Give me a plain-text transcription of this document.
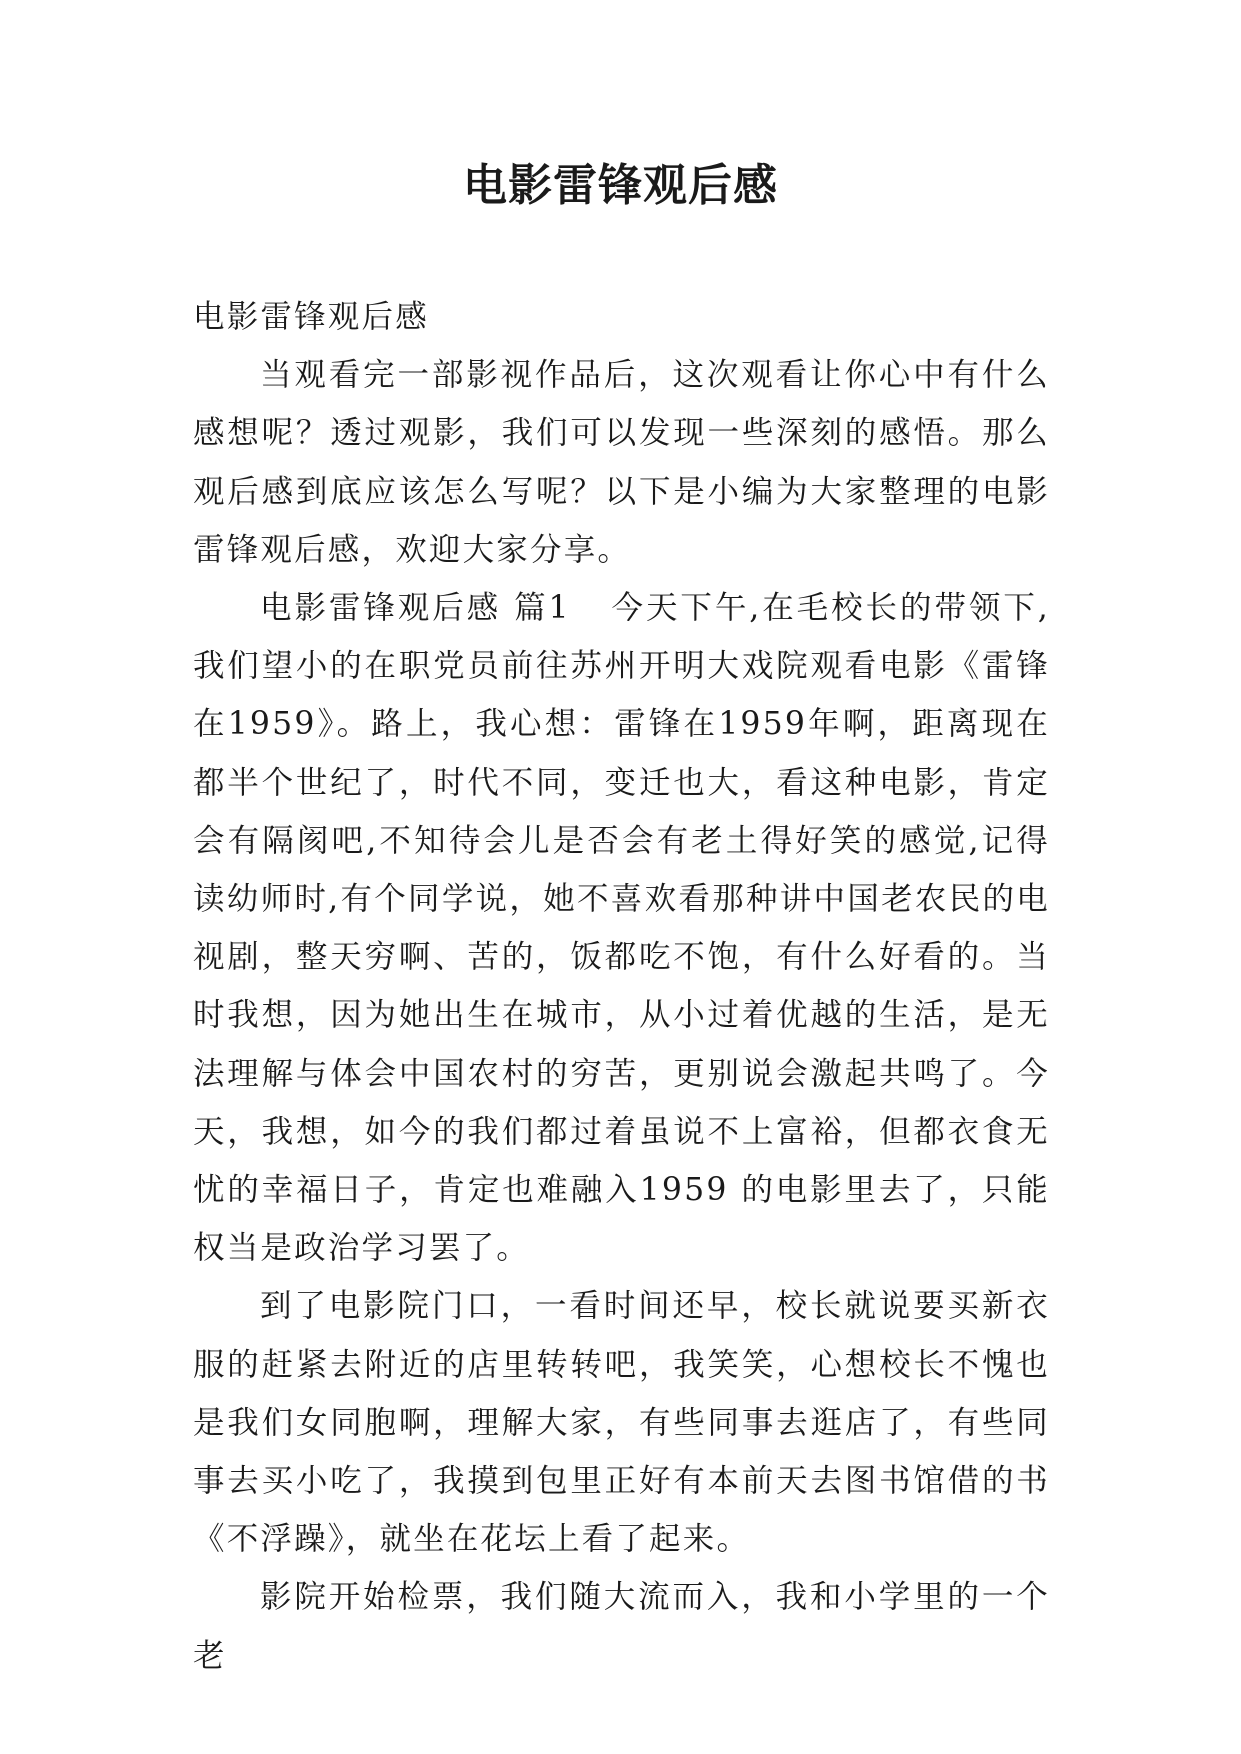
电影雷锋观后感

电影雷锋观后感

当观看完一部影视作品后，这次观看让你心中有什么感想呢？透过观影，我们可以发现一些深刻的感悟。那么观后感到底应该怎么写呢？以下是小编为大家整理的电影雷锋观后感，欢迎大家分享。

电影雷锋观后感 篇1 今天下午,在毛校长的带领下,我们望小的在职党员前往苏州开明大戏院观看电影《雷锋在1959》。路上，我心想：雷锋在1959年啊，距离现在都半个世纪了，时代不同，变迁也大，看这种电影，肯定会有隔阂吧,不知待会儿是否会有老土得好笑的感觉,记得读幼师时,有个同学说，她不喜欢看那种讲中国老农民的电视剧，整天穷啊、苦的，饭都吃不饱，有什么好看的。当时我想，因为她出生在城市，从小过着优越的生活，是无法理解与体会中国农村的穷苦，更别说会激起共鸣了。今天，我想，如今的我们都过着虽说不上富裕，但都衣食无忧的幸福日子，肯定也难融入1959 的电影里去了，只能权当是政治学习罢了。

到了电影院门口，一看时间还早，校长就说要买新衣服的赶紧去附近的店里转转吧，我笑笑，心想校长不愧也是我们女同胞啊，理解大家，有些同事去逛店了，有些同事去买小吃了，我摸到包里正好有本前天去图书馆借的书《不浮躁》，就坐在花坛上看了起来。

影院开始检票，我们随大流而入，我和小学里的一个老
